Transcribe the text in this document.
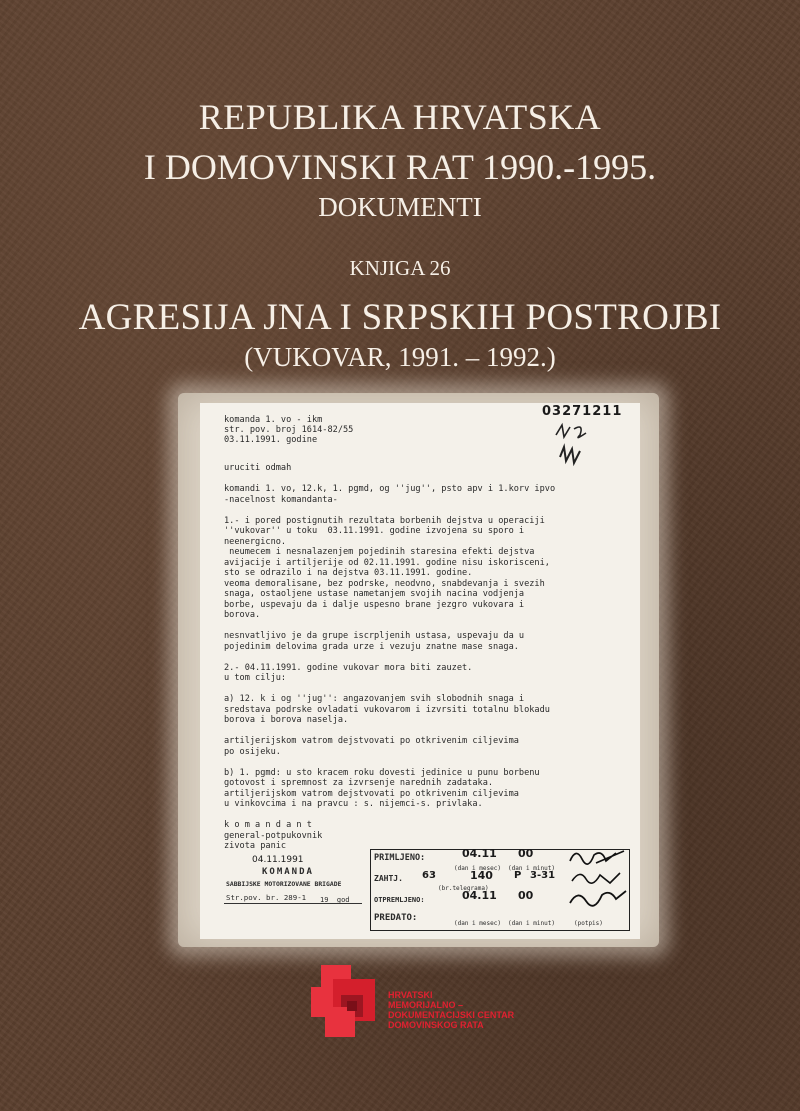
REPUBLIKA HRVATSKA
I DOMOVINSKI RAT 1990.-1995.
DOKUMENTI
KNJIGA 26
AGRESIJA JNA I SRPSKIH POSTROJBI
(VUKOVAR, 1991. – 1992.)
03271211
komanda 1. vo - ikm
str. pov. broj 1614-82/55
03.11.1991. godine
uruciti odmah
komandi 1. vo, 12.k, 1. pgmd, og ''jug'', psto apv i 1.korv ipvo
-nacelnost komandanta-
1.- i pored postignutih rezultata borbenih dejstva u operaciji
''vukovar'' u toku  03.11.1991. godine izvojena su sporo i
neenergicno.
neumecem i nesnalazenjem pojedinih staresina efekti dejstva
avijacije i artiljerije od 02.11.1991. godine nisu iskorisceni,
sto se odrazilo i na dejstva 03.11.1991. godine.
veoma demoralisane, bez podrske, neodvno, snabdevanja i svezih
snaga, ostaoljene ustase nametanjem svojih nacina vodjenja
borbe, uspevaju da i dalje uspesno brane jezgro vukovara i
borova.
nesnvatljivo je da grupe iscrpljenih ustasa, uspevaju da u
pojedinim delovima grada urze i vezuju znatne mase snaga.
2.- 04.11.1991. godine vukovar mora biti zauzet.
u tom cilju:
a) 12. k i og ''jug'': angazovanjem svih slobodnih snaga i
sredstava podrske ovladati vukovarom i izvrsiti totalnu blokadu
borova i borova naselja.
artiljerijskom vatrom dejstvovati po otkrivenim ciljevima
po osijeku.
b) 1. pgmd: u sto kracem roku dovesti jedinice u punu borbenu
gotovost i spremnost za izvrsenje narednih zadataka.
artiljerijskom vatrom dejstvovati po otkrivenim ciljevima
u vinkovcima i na pravcu : s. nijemci-s. privlaka.
k o m a n d a n t
general-potpukovnik
zivota panic
04.11.1991
KOMANDA
SABBIJSKE MOTORIZOVANE BRIGADE
Str.pov. br. 289-1 19__god
PRIMLJENO:	04.11 00
(dan i mesec) (dan i minut)
ZAHTJ. 63	140 P 3-31
(br.telegrama)
OTPREMLJENO:	04.11 00
PREDATO:
(dan i mesec) (dan i minut)	(potpis)
HRVATSKI
MEMORIJALNO –
DOKUMENTACIJSKI CENTAR
DOMOVINSKOG RATA
